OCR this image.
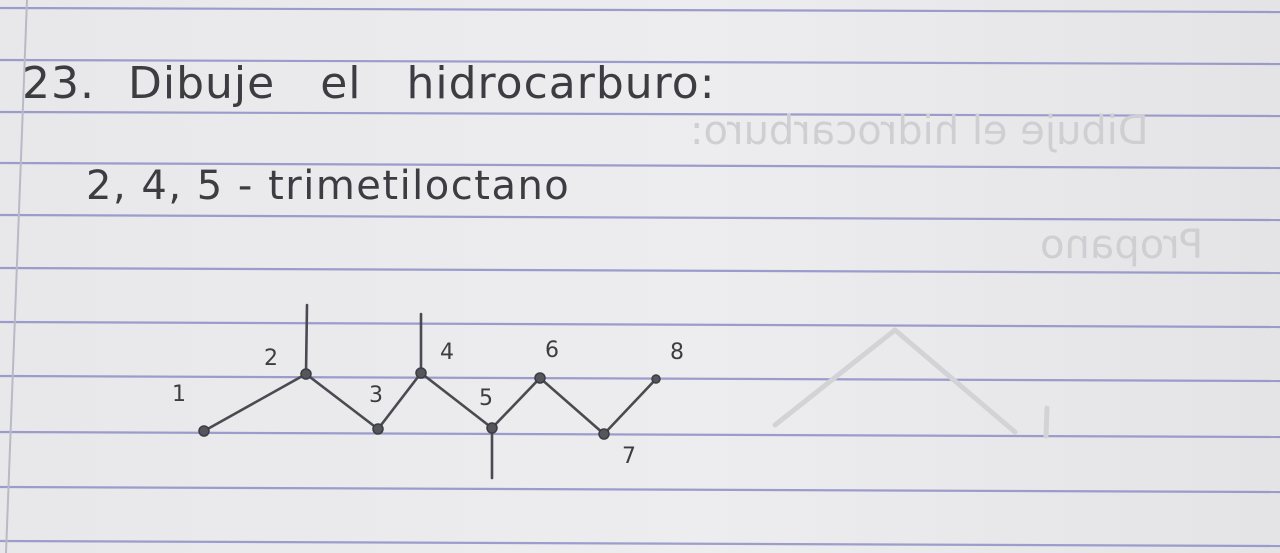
Dibuje el hidrocarburo:
Propano
23. Dibuje el hidrocarburo:
2, 4, 5 - trimetiloctano
1
2
3
4
5
6
7
8
